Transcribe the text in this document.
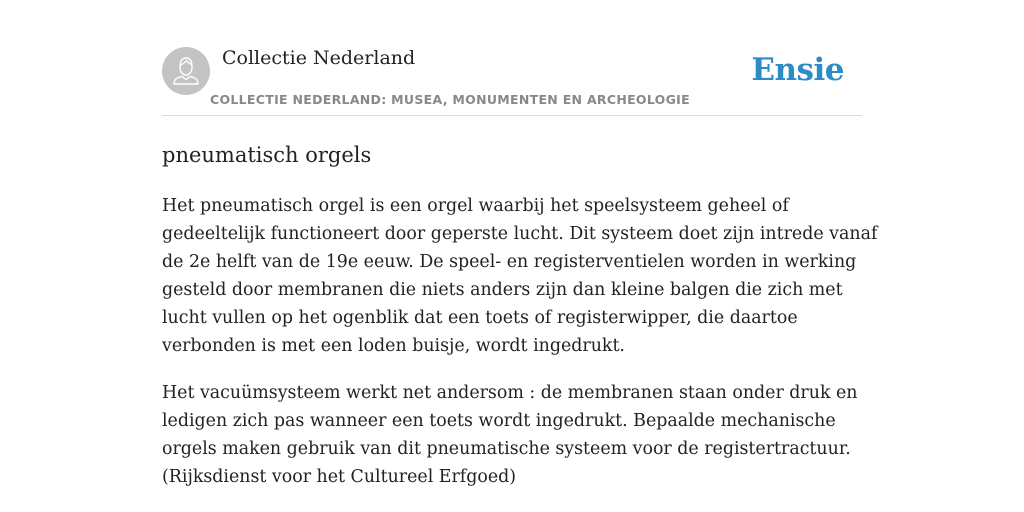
Collectie Nederland
COLLECTIE NEDERLAND: MUSEA, MONUMENTEN EN ARCHEOLOGIE
Ensie
pneumatisch orgels

Het pneumatisch orgel is een orgel waarbij het speelsysteem geheel of
gedeeltelijk functioneert door geperste lucht. Dit systeem doet zijn intrede vanaf
de 2e helft van de 19e eeuw. De speel- en registerventielen worden in werking
gesteld door membranen die niets anders zijn dan kleine balgen die zich met
lucht vullen op het ogenblik dat een toets of registerwipper, die daartoe
verbonden is met een loden buisje, wordt ingedrukt.

Het vacuümsysteem werkt net andersom : de membranen staan onder druk en
ledigen zich pas wanneer een toets wordt ingedrukt. Bepaalde mechanische
orgels maken gebruik van dit pneumatische systeem voor de registertractuur.
(Rijksdienst voor het Cultureel Erfgoed)
